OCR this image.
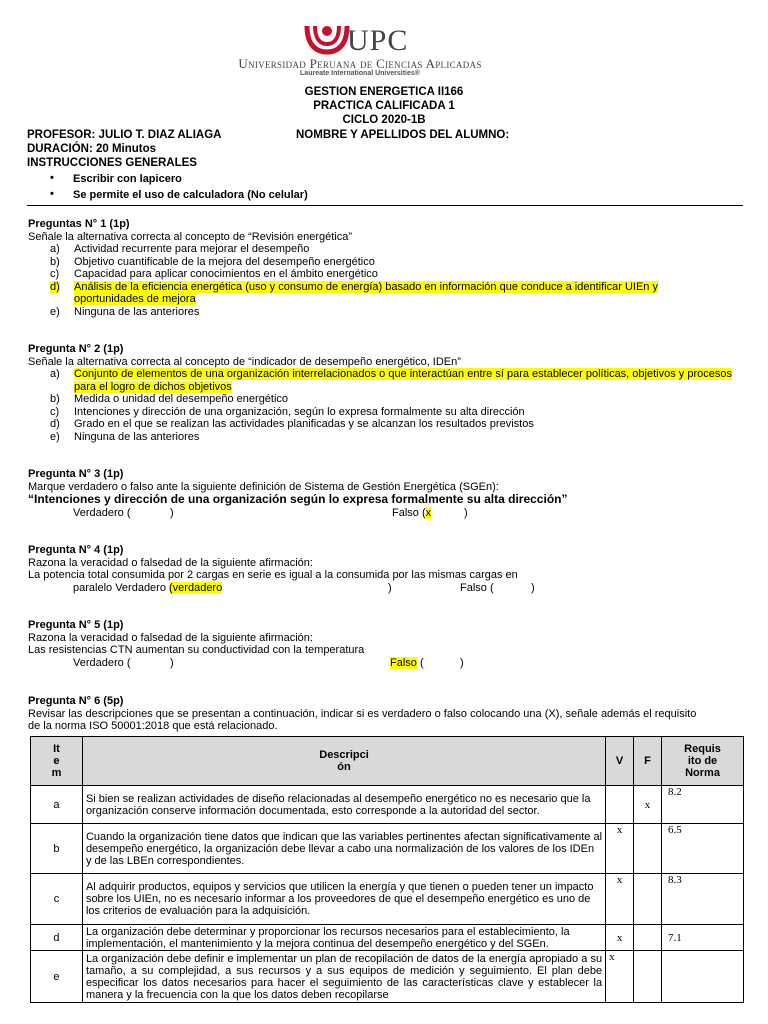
UPC
Universidad Peruana de Ciencias Aplicadas
Laureate International Universities®
GESTION ENERGETICA II166
PRACTICA CALIFICADA 1
CICLO 2020-1B
PROFESOR: JULIO T. DIAZ ALIAGA	NOMBRE Y APELLIDOS DEL ALUMNO:
DURACIÓN: 20 Minutos
INSTRUCCIONES GENERALES
• Escribir con lapicero
• Se permite el uso de calculadora (No celular)
Preguntas N° 1 (1p)
Señale la alternativa correcta al concepto de “Revisión energética”
a) Actividad recurrente para mejorar el desempeño
b) Objetivo cuantificable de la mejora del desempeño energético
c) Capacidad para aplicar conocimientos en el ámbito energético
d) Análisis de la eficiencia energética (uso y consumo de energía) basado en información que conduce a identificar UIEn y oportunidades de mejora
e) Ninguna de las anteriores
Pregunta N° 2 (1p)
Señale la alternativa correcta al concepto de “indicador de desempeño energético, IDEn”
a) Conjunto de elementos de una organización interrelacionados o que interactúan entre sí para establecer políticas, objetivos y procesos para el logro de dichos objetivos
b) Medida o unidad del desempeño energético
c) Intenciones y dirección de una organización, según lo expresa formalmente su alta dirección
d) Grado en el que se realizan las actividades planificadas y se alcanzan los resultados previstos
e) Ninguna de las anteriores
Pregunta N° 3 (1p)
Marque verdadero o falso ante la siguiente definición de Sistema de Gestión Energética (SGEn):
“Intenciones y dirección de una organización según lo expresa formalmente su alta dirección”
Verdadero (	)	Falso (x	)
Pregunta N° 4 (1p)
Razona la veracidad o falsedad de la siguiente afirmación:
La potencia total consumida por 2 cargas en serie es igual a la consumida por las mismas cargas en
paralelo Verdadero (verdadero	)	Falso (	)
Pregunta N° 5 (1p)
Razona la veracidad o falsedad de la siguiente afirmación:
Las resistencias CTN aumentan su conductividad con la temperatura
Verdadero (	)	Falso (	)
Pregunta N° 6 (5p)
Revisar las descripciones que se presentan a continuación, indicar si es verdadero o falso colocando una (X), señale además el requisito
de la norma ISO 50001:2018 que está relacionado.
It e m	Descripci ón	V	F	Requis ito de Norma

a	Si bien se realizan actividades de diseño relacionadas al desempeño energético no es necesario que la organización conserve información documentada, esto corresponde a la autoridad del sector.		x	8.2
b	Cuando la organización tiene datos que indican que las variables pertinentes afectan significativamente al desempeño energético, la organización debe llevar a cabo una normalización de los valores de los IDEn y de las LBEn correspondientes.	x		6.5
c	Al adquirir productos, equipos y servicios que utilicen la energía y que tienen o pueden tener un impacto sobre los UIEn, no es necesario informar a los proveedores de que el desempeño energético es uno de los criterios de evaluación para la adquisición.	x		8.3
d	La organización debe determinar y proporcionar los recursos necesarios para el establecimiento, la implementación, el mantenimiento y la mejora continua del desempeño energético y del SGEn.	x		7.1
e	La organización debe definir e implementar un plan de recopilación de datos de la energía apropiado a su tamaño, a su complejidad, a sus recursos y a sus equipos de medición y seguimiento. El plan debe especificar los datos necesarios para hacer el seguimiento de las características clave y establecer la manera y la frecuencia con la que los datos deben recopilarse	x		
